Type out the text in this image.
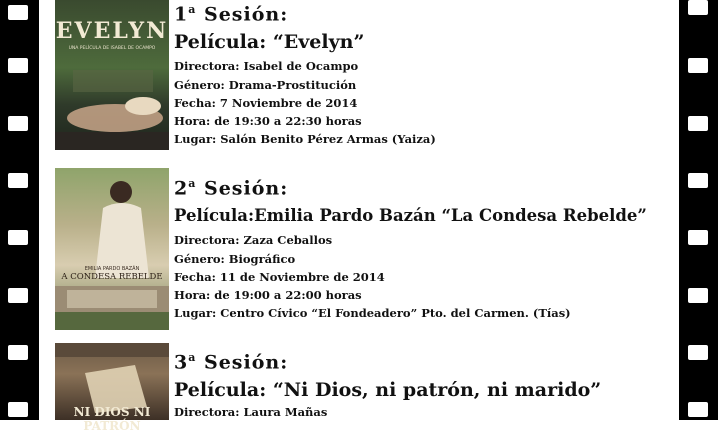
EVELYN
UNA PELÍCULA DE ISABEL DE OCAMPO
EMILIA PARDO BAZÁN
A CONDESA REBELDE
NI DIOS NI PATRÓN
1$^a$ Sesión:
Película: “Evelyn”
Directora: Isabel de Ocampo
Género: Drama-Prostitución
Fecha: 7 Noviembre de 2014
Hora: de 19:30 a 22:30 horas
Lugar: Salón Benito Pérez Armas (Yaiza)
2$^a$ Sesión:
Película:Emilia Pardo Bazán “La Condesa Rebelde”
Directora: Zaza Ceballos
Género: Biográfico
Fecha: 11 de Noviembre de 2014
Hora: de 19:00 a 22:00 horas
Lugar: Centro Cívico “El Fondeadero” Pto. del Carmen. (Tías)
3$^a$ Sesión:
Película: “Ni Dios, ni patrón, ni marido”
Directora: Laura Mañas
